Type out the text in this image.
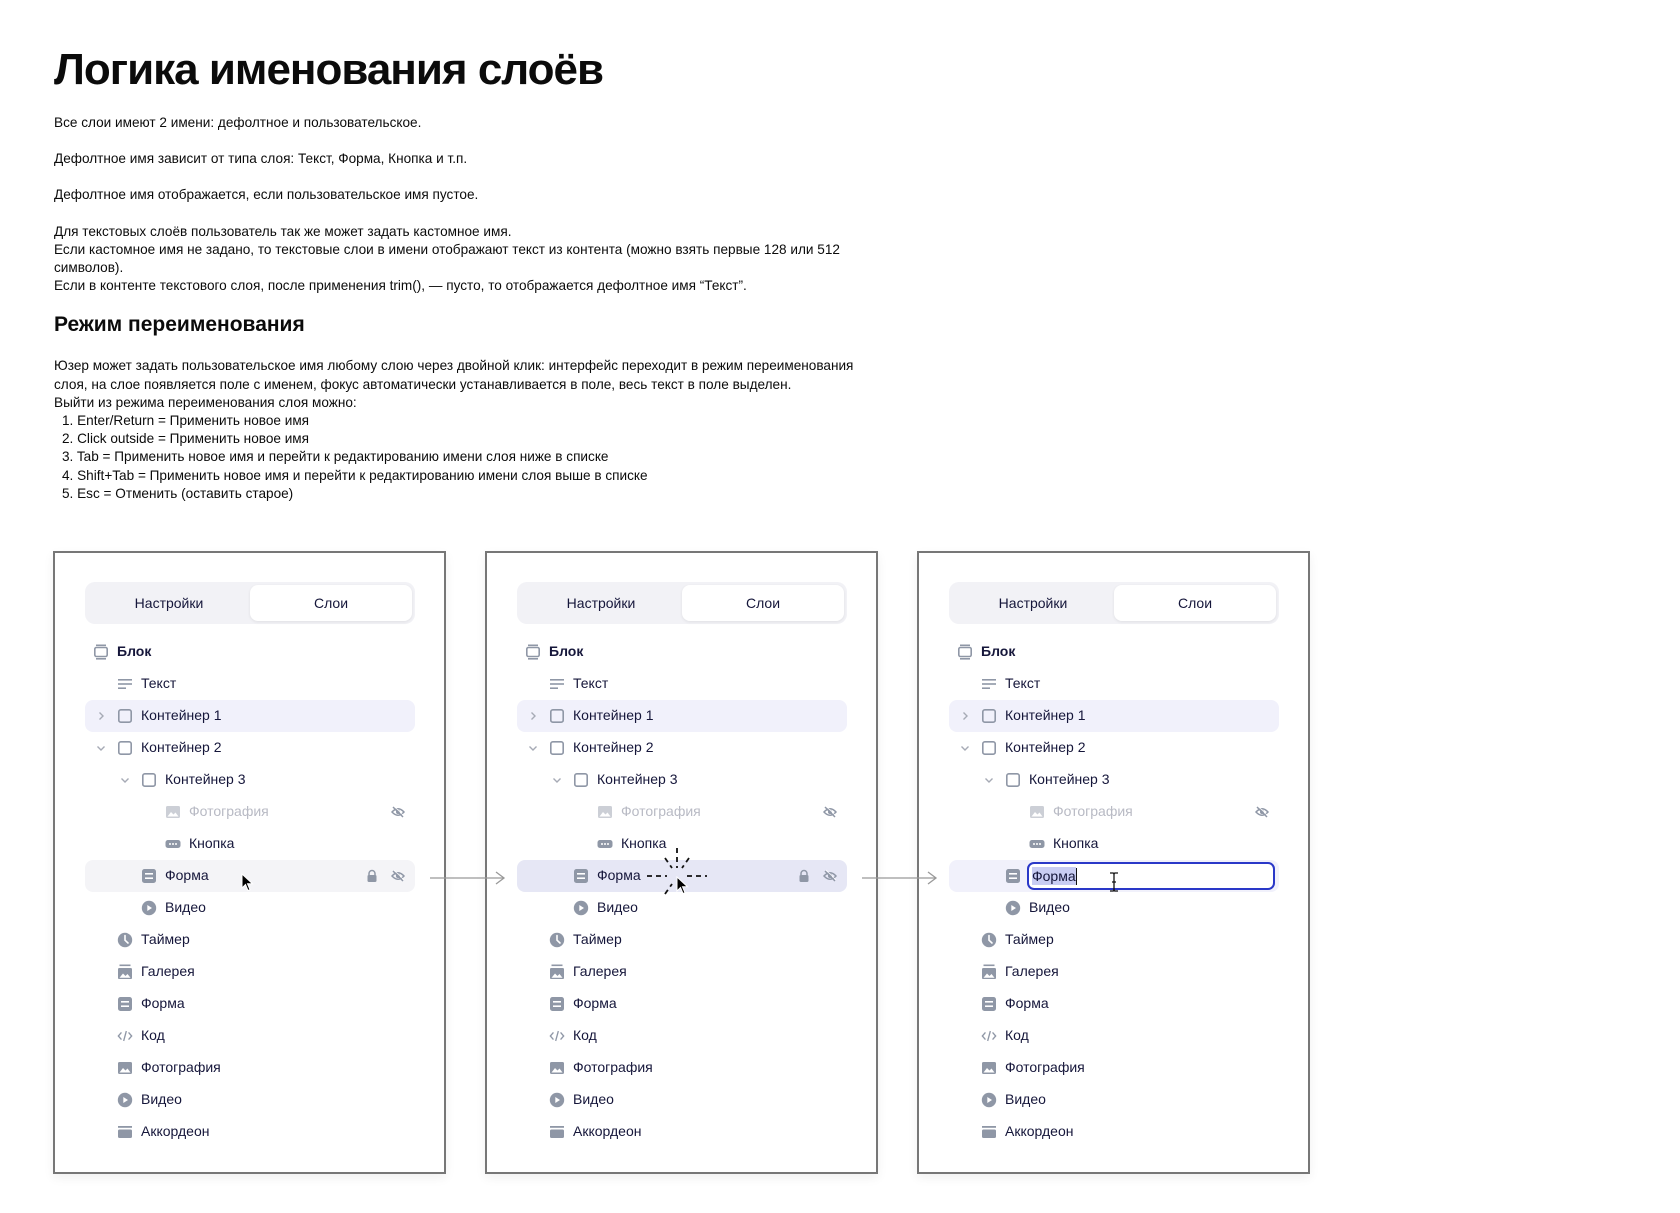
Логика именования слоёв

Все слои имеют 2 имени: дефолтное и пользовательское.

Дефолтное имя зависит от типа слоя: Текст, Форма, Кнопка и т.п.

Дефолтное имя отображается, если пользовательское имя пустое.

Для текстовых слоёв пользователь так же может задать кастомное имя.

Если кастомное имя не задано, то текстовые слои в имени отображают текст из контента (можно взять первые 128 или 512 символов).

Если в контенте текстового слоя, после применения trim(), — пусто, то отображается дефолтное имя “Текст”.

Режим переименования

Юзер может задать пользовательское имя любому слою через двойной клик: интерфейс переходит в режим переименования слоя, на слое появляется поле с именем, фокус автоматически устанавливается в поле, весь текст в поле выделен.

Выйти из режима переименования слоя можно:

1. Enter/Return = Применить новое имя
2. Click outside = Применить новое имя
3. Tab = Применить новое имя и перейти к редактированию имени слоя ниже в списке
4. Shift+Tab = Применить новое имя и перейти к редактированию имени слоя выше в списке
5. Esc = Отменить (оставить старое)
Настройки	Слои
Блок
Текст
Контейнер 1
Контейнер 2
Контейнер 3
Фотография
Кнопка
Форма
Видео
Таймер
Галерея
Форма
Код
Фотография
Видео
Аккордеон
Настройки	Слои
Блок
Текст
Контейнер 1
Контейнер 2
Контейнер 3
Фотография
Кнопка
Форма
Видео
Таймер
Галерея
Форма
Код
Фотография
Видео
Аккордеон
Настройки	Слои
Блок
Текст
Контейнер 1
Контейнер 2
Контейнер 3
Фотография
Кнопка
Форма
Видео
Таймер
Галерея
Форма
Код
Фотография
Видео
Аккордеон
